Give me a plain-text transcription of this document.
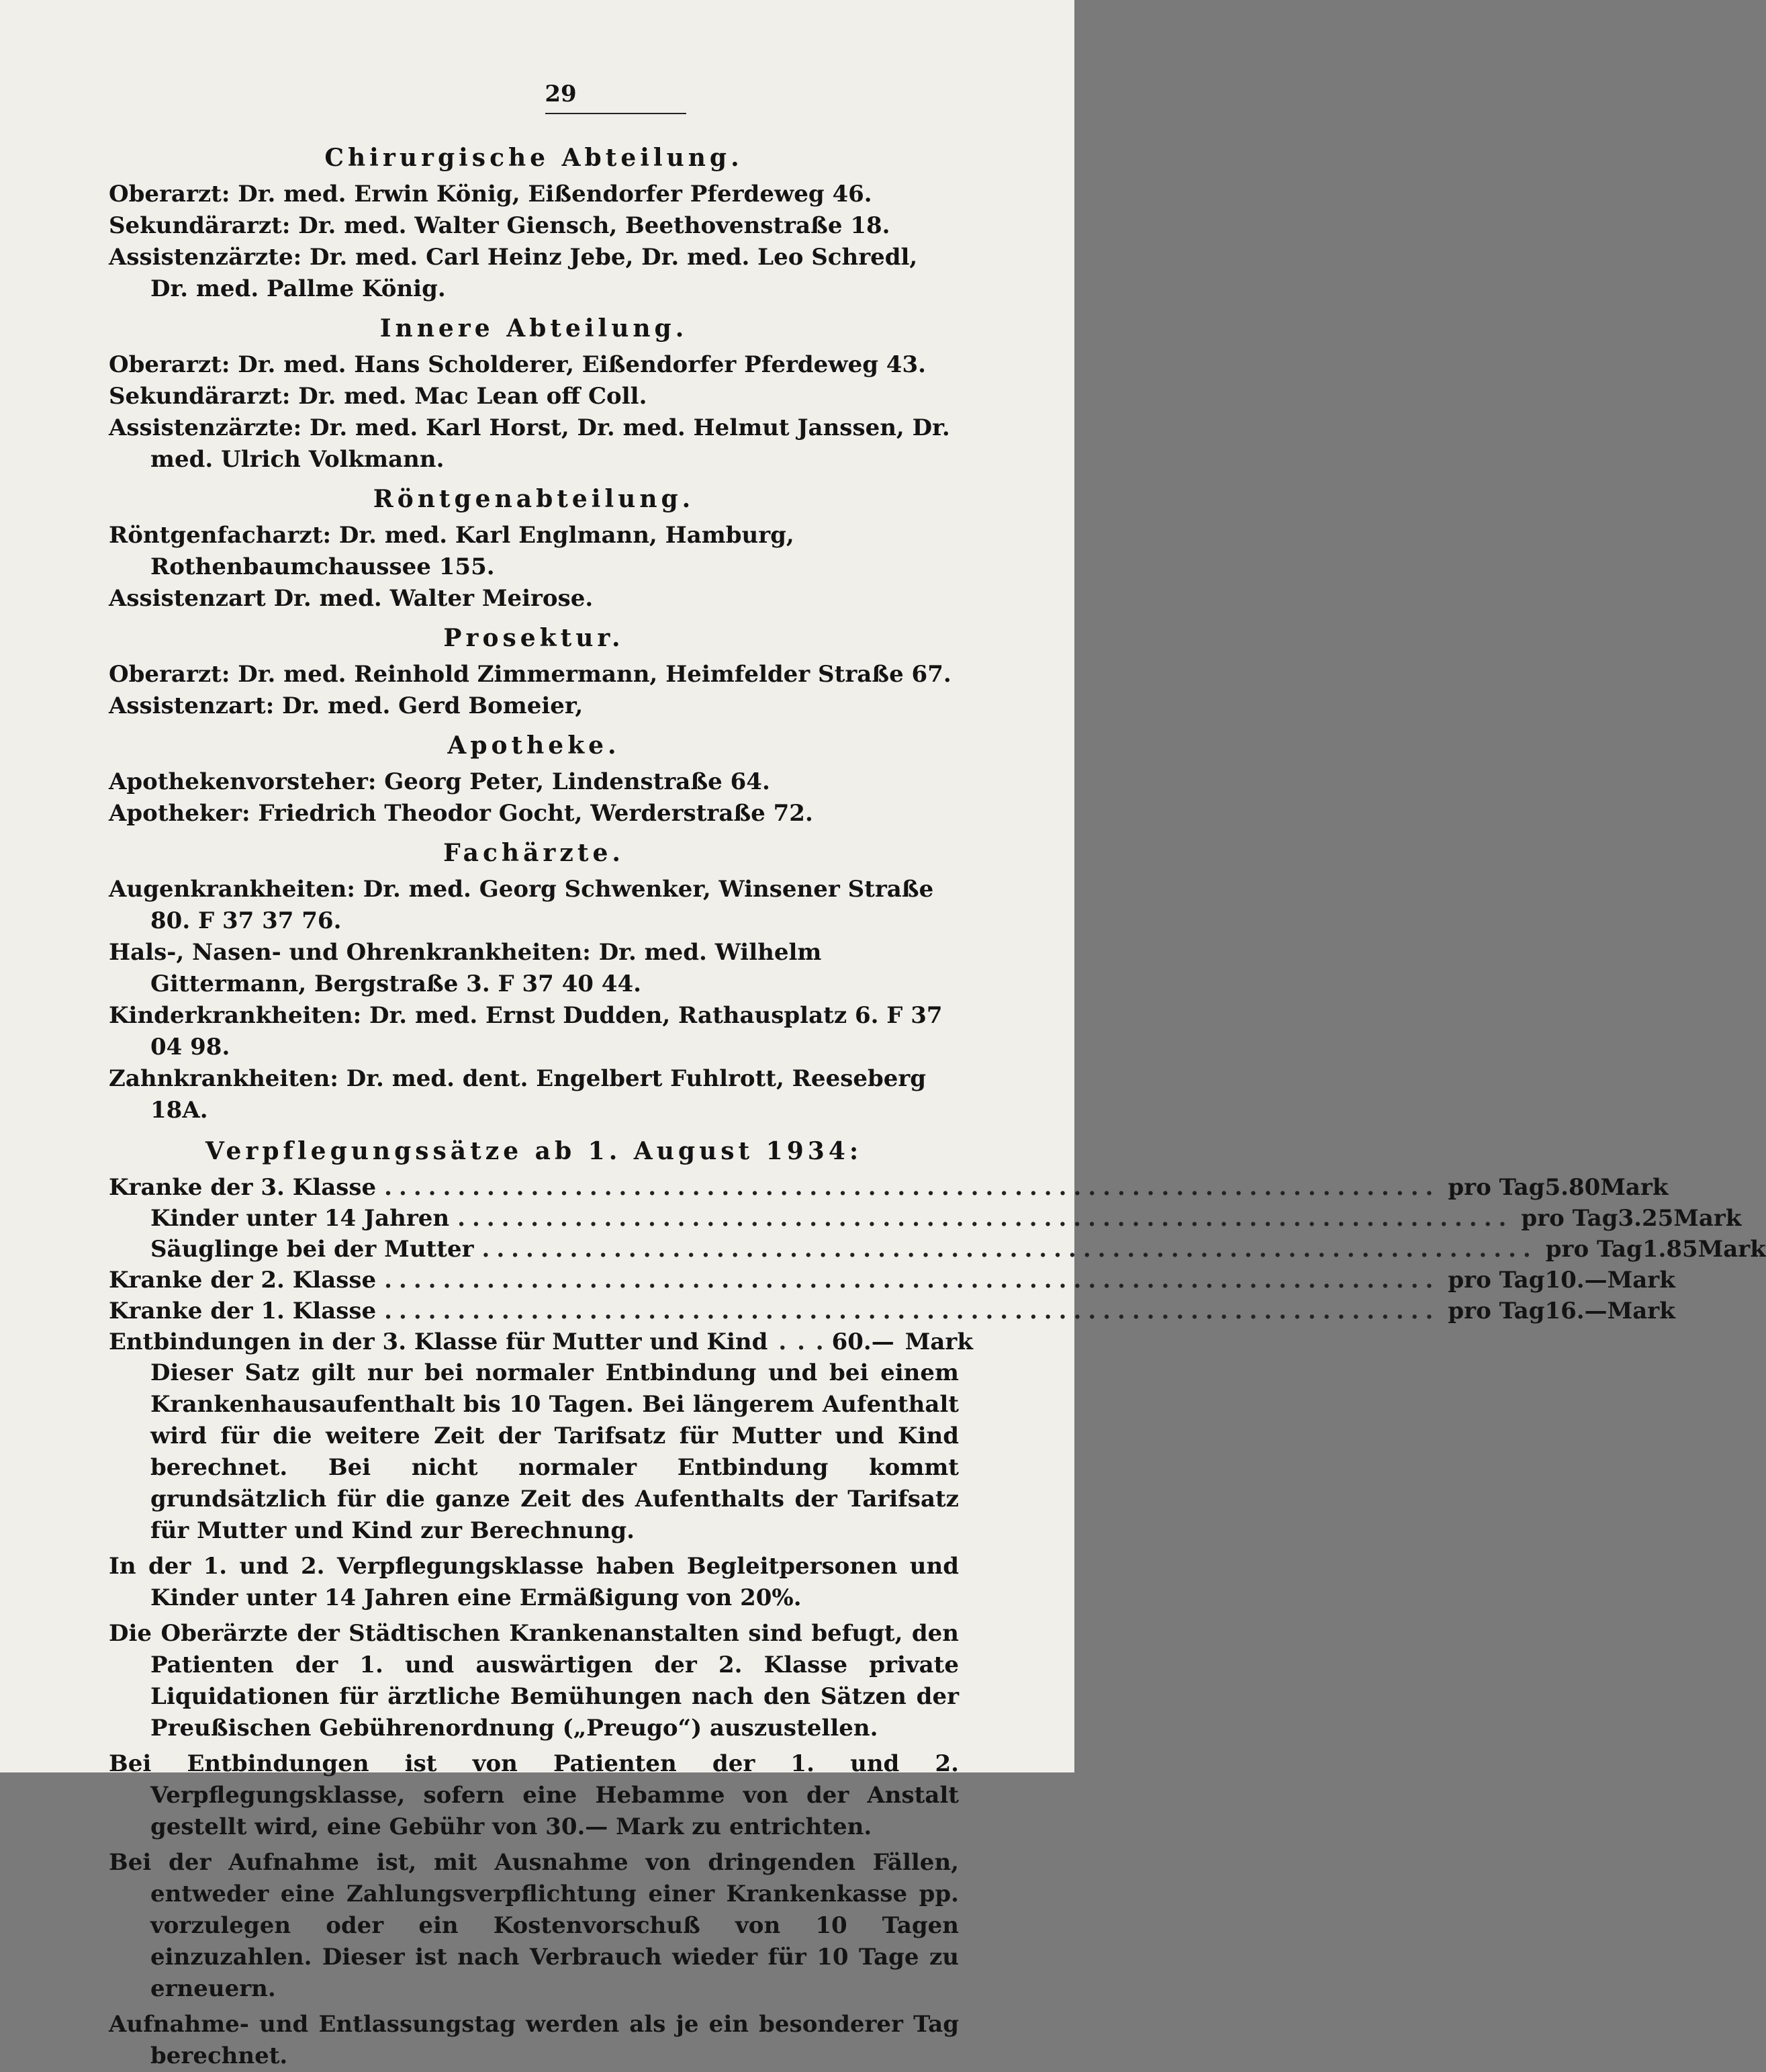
29
Chirurgische Abteilung.
Oberarzt: Dr. med. Erwin König, Eißendorfer Pferdeweg 46.
Sekundärarzt: Dr. med. Walter Giensch, Beethovenstraße 18.
Assistenzärzte: Dr. med. Carl Heinz Jebe, Dr. med. Leo Schredl, Dr. med. Pallme König.
Innere Abteilung.
Oberarzt: Dr. med. Hans Scholderer, Eißendorfer Pferdeweg 43.
Sekundärarzt: Dr. med. Mac Lean off Coll.
Assistenzärzte: Dr. med. Karl Horst, Dr. med. Helmut Janssen, Dr. med. Ulrich Volkmann.
Röntgenabteilung.
Röntgenfacharzt: Dr. med. Karl Englmann, Hamburg, Rothenbaumchaussee 155.
Assistenzart Dr. med. Walter Meirose.
Prosektur.
Oberarzt: Dr. med. Reinhold Zimmermann, Heimfelder Straße 67.
Assistenzart: Dr. med. Gerd Bomeier,
Apotheke.
Apothekenvorsteher: Georg Peter, Lindenstraße 64.
Apotheker: Friedrich Theodor Gocht, Werderstraße 72.
Fachärzte.
Augenkrankheiten: Dr. med. Georg Schwenker, Winsener Straße 80. F 37 37 76.
Hals-, Nasen- und Ohrenkrankheiten: Dr. med. Wilhelm Gittermann, Bergstraße 3. F 37 40 44.
Kinderkrankheiten: Dr. med. Ernst Dudden, Rathausplatz 6. F 37 04 98.
Zahnkrankheiten: Dr. med. dent. Engelbert Fuhlrott, Reeseberg 18A.
Verpflegungssätze ab 1. August 1934:
Kranke der 3. Klasse ........................................................................ pro Tag 5.80 Mark
Kinder unter 14 Jahren ........................................................................ pro Tag 3.25 Mark
Säuglinge bei der Mutter ........................................................................ pro Tag 1.85 Mark
Kranke der 2. Klasse ........................................................................ pro Tag 10.— Mark
Kranke der 1. Klasse ........................................................................ pro Tag 16.— Mark
Entbindungen in der 3. Klasse für Mutter und Kind . . . 60.— Mark
Dieser Satz gilt nur bei normaler Entbindung und bei einem Krankenhausaufenthalt bis 10 Tagen. Bei längerem Aufenthalt wird für die weitere Zeit der Tarifsatz für Mutter und Kind berechnet. Bei nicht normaler Entbindung kommt grundsätzlich für die ganze Zeit des Aufenthalts der Tarifsatz für Mutter und Kind zur Berechnung.
In der 1. und 2. Verpflegungsklasse haben Begleitpersonen und Kinder unter 14 Jahren eine Ermäßigung von 20%.
Die Oberärzte der Städtischen Krankenanstalten sind befugt, den Patienten der 1. und auswärtigen der 2. Klasse private Liquidationen für ärztliche Bemühungen nach den Sätzen der Preußischen Gebührenordnung („Preugo“) auszustellen.
Bei Entbindungen ist von Patienten der 1. und 2. Verpflegungsklasse, sofern eine Hebamme von der Anstalt gestellt wird, eine Gebühr von 30.— Mark zu entrichten.
Bei der Aufnahme ist, mit Ausnahme von dringenden Fällen, entweder eine Zahlungsverpflichtung einer Krankenkasse pp. vorzulegen oder ein Kostenvorschuß von 10 Tagen einzuzahlen. Dieser ist nach Verbrauch wieder für 10 Tage zu erneuern.
Aufnahme- und Entlassungstag werden als je ein besonderer Tag berechnet.
